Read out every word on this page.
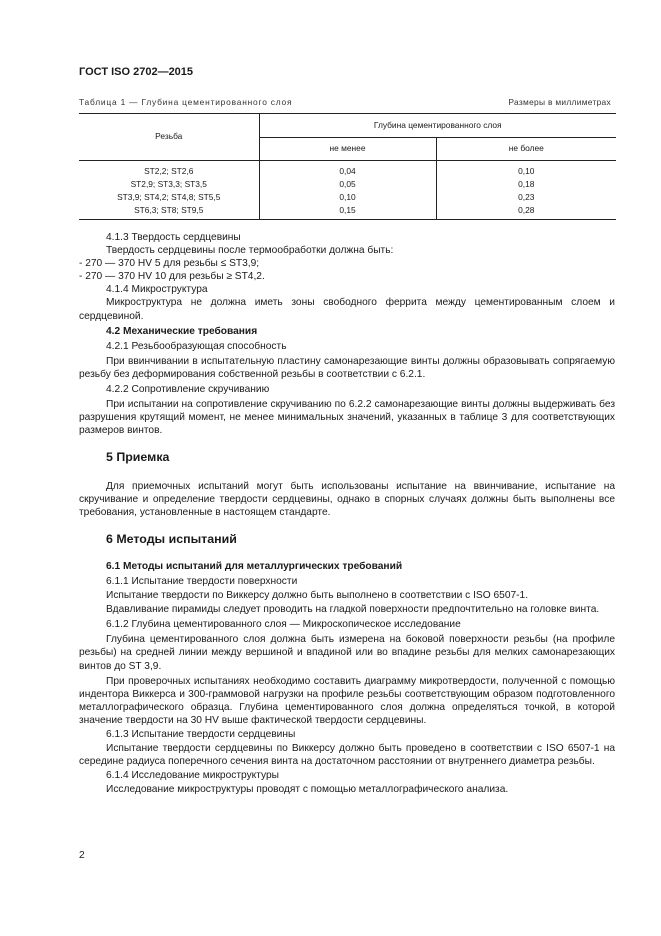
ГОСТ ISO 2702—2015
Таблица 1 — Глубина цементированного слоя	Размеры в миллиметрах
Резьба	Глубина цементированного слоя	
	не менее	не более
ST2,2; ST2,6	0,04	0,10
ST2,9; ST3,3; ST3,5	0,05	0,18
ST3,9; ST4,2; ST4,8; ST5,5	0,10	0,23
ST6,3; ST8; ST9,5	0,15	0,28
4.1.3 Твердость сердцевины
Твердость сердцевины после термообработки должна быть:
- 270 — 370 HV 5 для резьбы ≤ ST3,9;
- 270 — 370 HV 10 для резьбы ≥ ST4,2.
4.1.4 Микроструктура
Микроструктура не должна иметь зоны свободного феррита между цементированным слоем и сердцевиной.
4.2 Механические требования
4.2.1 Резьбообразующая способность
При ввинчивании в испытательную пластину самонарезающие винты должны образовывать сопрягаемую резьбу без деформирования собственной резьбы в соответствии с 6.2.1.
4.2.2 Сопротивление скручиванию
При испытании на сопротивление скручиванию по 6.2.2 самонарезающие винты должны выдерживать без разрушения крутящий момент, не менее минимальных значений, указанных в таблице 3 для соответствующих размеров винтов.
5 Приемка
Для приемочных испытаний могут быть использованы испытание на ввинчивание, испытание на скручивание и определение твердости сердцевины, однако в спорных случаях должны быть выполнены все требования, установленные в настоящем стандарте.
6 Методы испытаний
6.1 Методы испытаний для металлургических требований
6.1.1 Испытание твердости поверхности
Испытание твердости по Виккерсу должно быть выполнено в соответствии с ISO 6507-1.
Вдавливание пирамиды следует проводить на гладкой поверхности предпочтительно на головке винта.
6.1.2 Глубина цементированного слоя — Микроскопическое исследование
Глубина цементированного слоя должна быть измерена на боковой поверхности резьбы (на профиле резьбы) на средней линии между вершиной и впадиной или во впадине резьбы для мелких самонарезающих винтов до ST 3,9.
При проверочных испытаниях необходимо составить диаграмму микротвердости, полученной с помощью индентора Виккерса и 300-граммовой нагрузки на профиле резьбы соответствующим образом подготовленного металлографического образца. Глубина цементированного слоя должна определяться точкой, в которой значение твердости на 30 HV выше фактической твердости сердцевины.
6.1.3 Испытание твердости сердцевины
Испытание твердости сердцевины по Виккерсу должно быть проведено в соответствии с ISO 6507-1 на середине радиуса поперечного сечения винта на достаточном расстоянии от внутреннего диаметра резьбы.
6.1.4 Исследование микроструктуры
Исследование микроструктуры проводят с помощью металлографического анализа.
2
